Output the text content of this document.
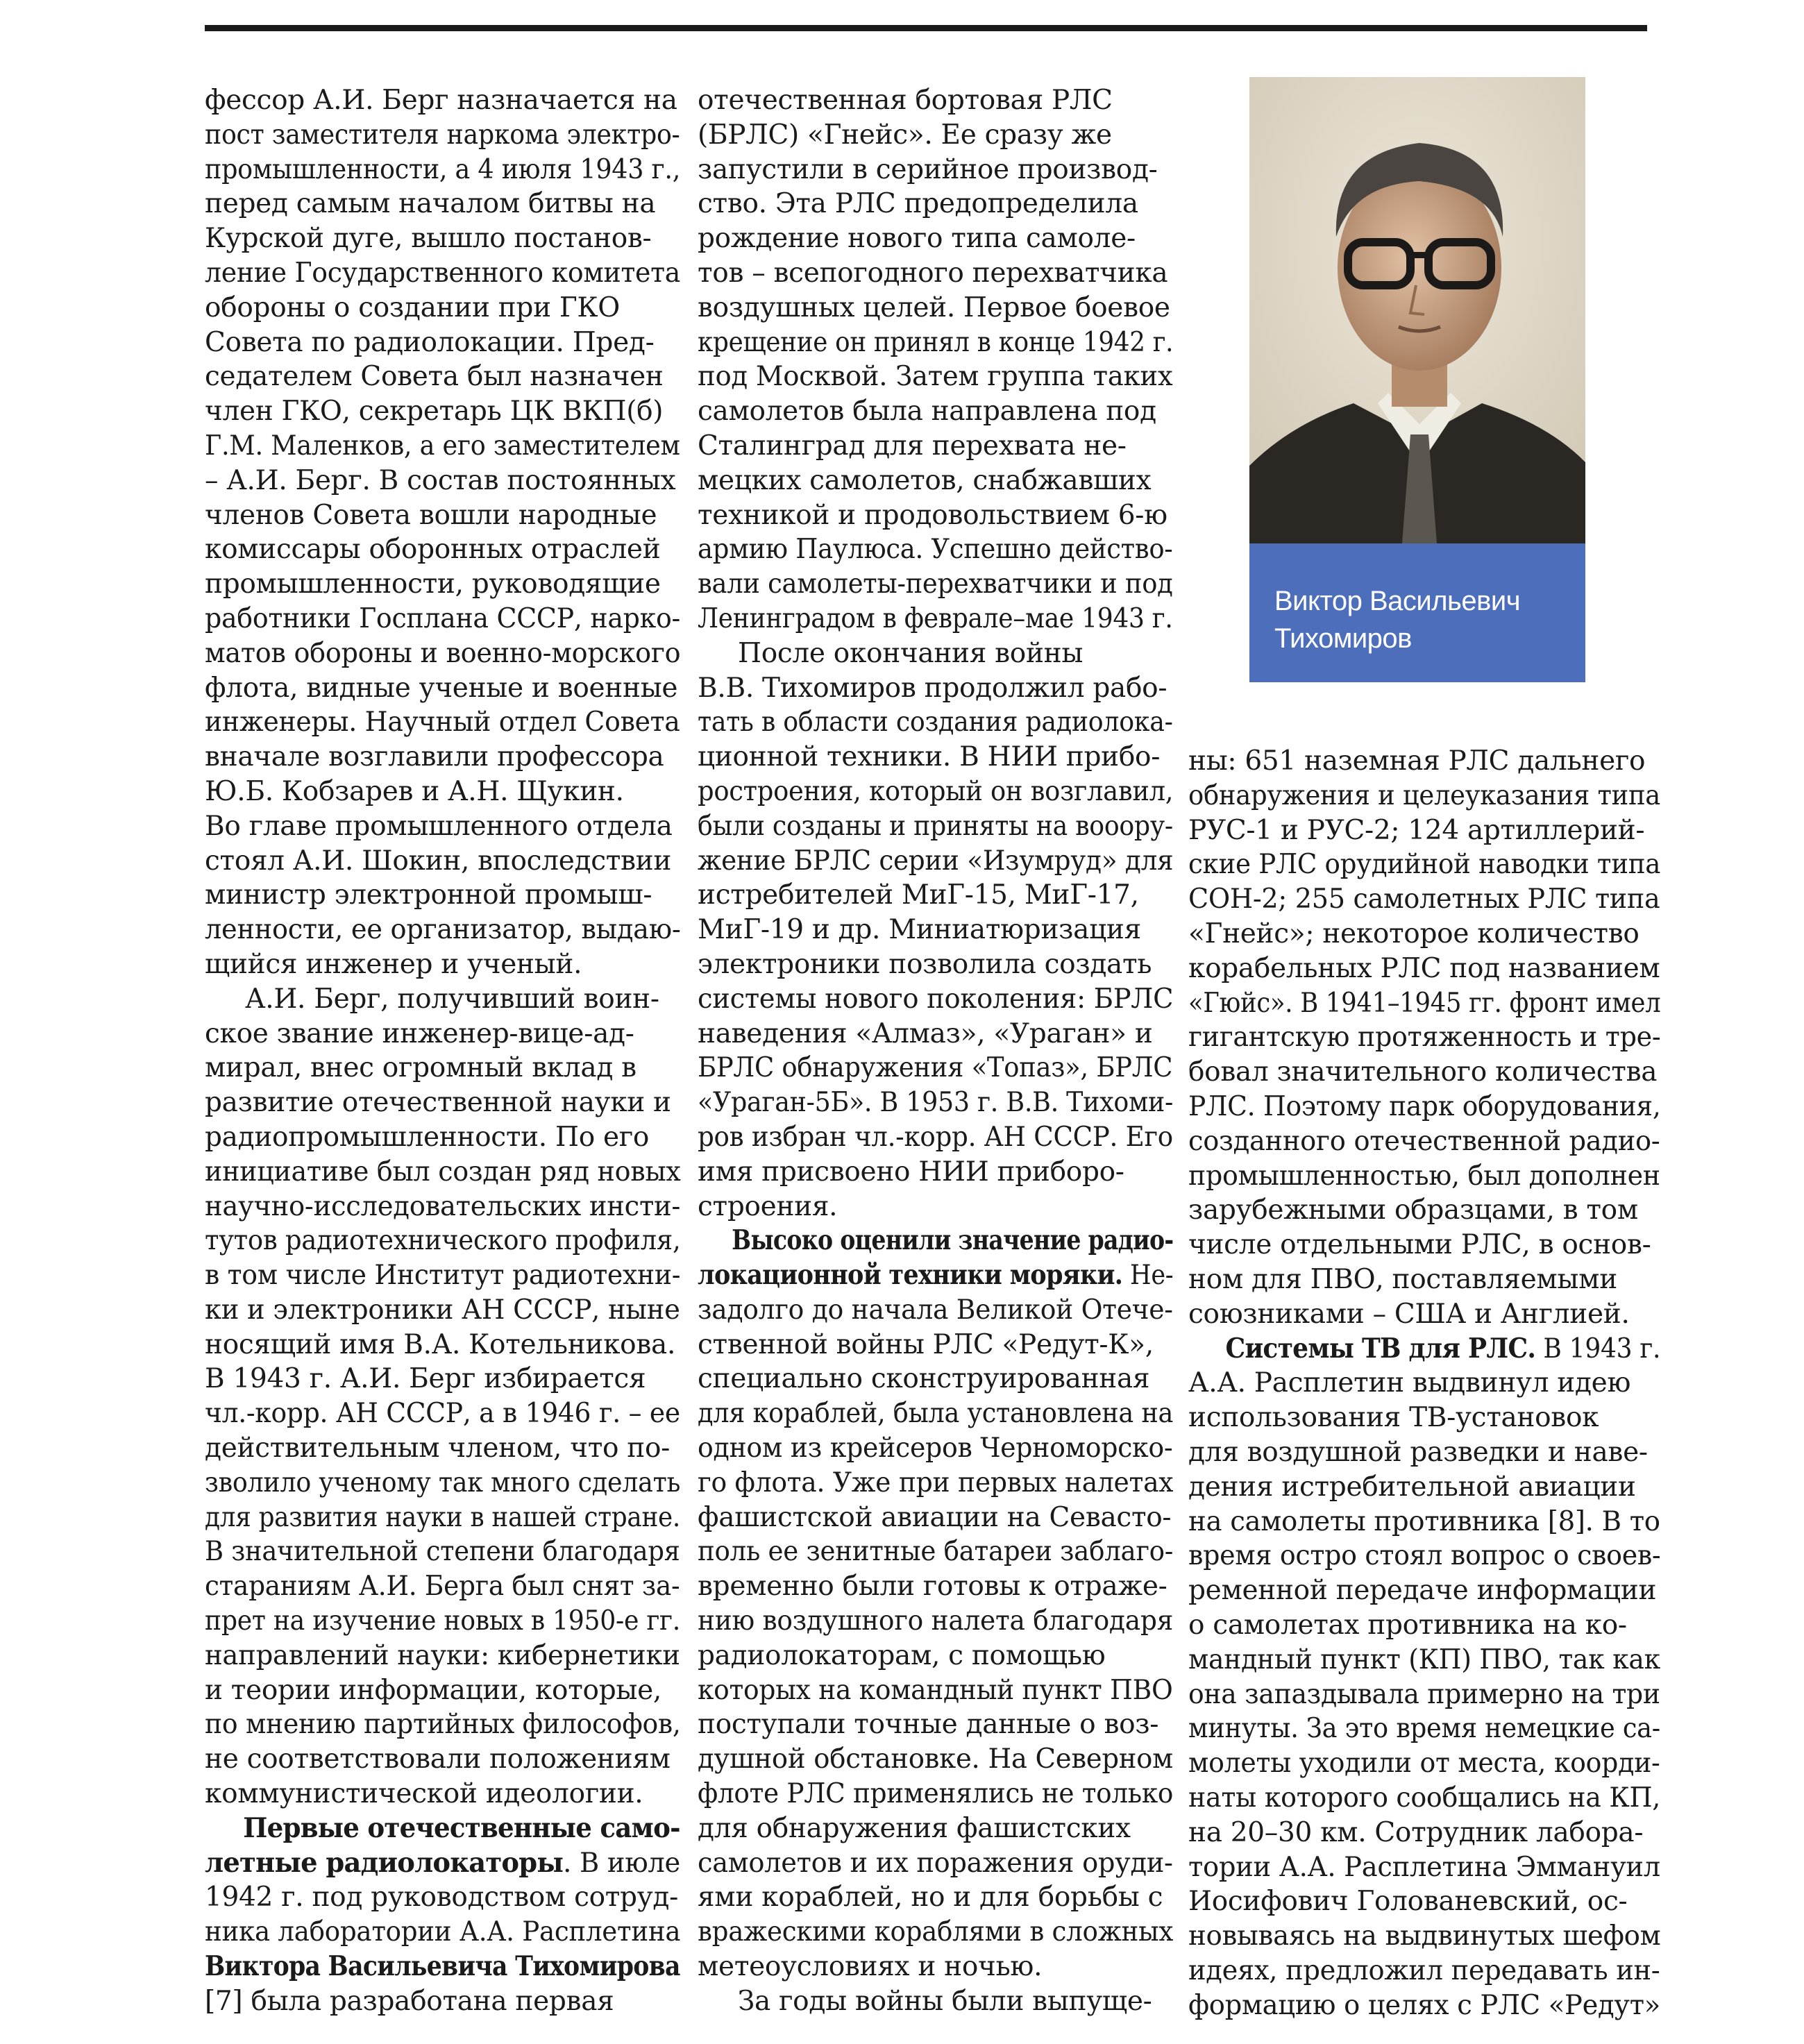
фессор А.И. Берг назначается на
пост заместителя наркома электро-
промышленности, а 4 июля 1943 г.,
перед самым началом битвы на
Курской дуге, вышло постанов-
ление Государственного комитета
обороны о создании при ГКО
Совета по радиолокации. Пред-
седателем Совета был назначен
член ГКО, секретарь ЦК ВКП(б)
Г.М. Маленков, а его заместителем
– А.И. Берг. В состав постоянных
членов Совета вошли народные
комиссары оборонных отраслей
промышленности, руководящие
работники Госплана СССР, нарко-
матов обороны и военно-морского
флота, видные ученые и военные
инженеры. Научный отдел Совета
вначале возглавили профессора
Ю.Б. Кобзарев и А.Н. Щукин.
Во главе промышленного отдела
стоял А.И. Шокин, впоследствии
министр электронной промыш-
ленности, ее организатор, выдаю-
щийся инженер и ученый.
А.И. Берг, получивший воин-
ское звание инженер-вице-ад-
мирал, внес огромный вклад в
развитие отечественной науки и
радиопромышленности. По его
инициативе был создан ряд новых
научно-исследовательских инсти-
тутов радиотехнического профиля,
в том числе Институт радиотехни-
ки и электроники АН СССР, ныне
носящий имя В.А. Котельникова.
В 1943 г. А.И. Берг избирается
чл.-корр. АН СССР, а в 1946 г. – ее
действительным членом, что по-
зволило ученому так много сделать
для развития науки в нашей стране.
В значительной степени благодаря
стараниям А.И. Берга был снят за-
прет на изучение новых в 1950-е гг.
направлений науки: кибернетики
и теории информации, которые,
по мнению партийных философов,
не соответствовали положениям
коммунистической идеологии.
Первые отечественные само-
летные радиолокаторы. В июле
1942 г. под руководством сотруд-
ника лаборатории А.А. Расплетина
Виктора Васильевича Тихомирова
[7] была разработана первая
отечественная бортовая РЛС
(БРЛС) «Гнейс». Ее сразу же
запустили в серийное производ-
ство. Эта РЛС предопределила
рождение нового типа самоле-
тов – всепогодного перехватчика
воздушных целей. Первое боевое
крещение он принял в конце 1942 г.
под Москвой. Затем группа таких
самолетов была направлена под
Сталинград для перехвата не-
мецких самолетов, снабжавших
техникой и продовольствием 6-ю
армию Паулюса. Успешно действо-
вали самолеты-перехватчики и под
Ленинградом в феврале–мае 1943 г.
После окончания войны
В.В. Тихомиров продолжил рабо-
тать в области создания радиолока-
ционной техники. В НИИ прибо-
ростроения, который он возглавил,
были созданы и приняты на вооору-
жение БРЛС серии «Изумруд» для
истребителей МиГ-15, МиГ-17,
МиГ-19 и др. Миниатюризация
электроники позволила создать
системы нового поколения: БРЛС
наведения «Алмаз», «Ураган» и
БРЛС обнаружения «Топаз», БРЛС
«Ураган-5Б». В 1953 г. В.В. Тихоми-
ров избран чл.-корр. АН СССР. Его
имя присвоено НИИ приборо-
строения.
Высоко оценили значение радио-
локационной техники моряки. Не-
задолго до начала Великой Отече-
ственной войны РЛС «Редут-К»,
специально сконструированная
для кораблей, была установлена на
одном из крейсеров Черноморско-
го флота. Уже при первых налетах
фашистской авиации на Севасто-
поль ее зенитные батареи заблаго-
временно были готовы к отраже-
нию воздушного налета благодаря
радиолокаторам, с помощью
которых на командный пункт ПВО
поступали точные данные о воз-
душной обстановке. На Северном
флоте РЛС применялись не только
для обнаружения фашистских
самолетов и их поражения оруди-
ями кораблей, но и для борьбы с
вражескими кораблями в сложных
метеоусловиях и ночью.
За годы войны были выпуще-
Виктор Васильевич
Тихомиров
ны: 651 наземная РЛС дальнего
обнаружения и целеуказания типа
РУС-1 и РУС-2; 124 артиллерий-
ские РЛС орудийной наводки типа
СОН-2; 255 самолетных РЛС типа
«Гнейс»; некоторое количество
корабельных РЛС под названием
«Гюйс». В 1941–1945 гг. фронт имел
гигантскую протяженность и тре-
бовал значительного количества
РЛС. Поэтому парк оборудования,
созданного отечественной радио-
промышленностью, был дополнен
зарубежными образцами, в том
числе отдельными РЛС, в основ-
ном для ПВО, поставляемыми
союзниками – США и Англией.
Системы ТВ для РЛС. В 1943 г.
А.А. Расплетин выдвинул идею
использования ТВ-установок
для воздушной разведки и наве-
дения истребительной авиации
на самолеты противника [8]. В то
время остро стоял вопрос о своев-
ременной передаче информации
о самолетах противника на ко-
мандный пункт (КП) ПВО, так как
она запаздывала примерно на три
минуты. За это время немецкие са-
молеты уходили от места, коорди-
наты которого сообщались на КП,
на 20–30 км. Сотрудник лабора-
тории А.А. Расплетина Эммануил
Иосифович Голованевский, ос-
новываясь на выдвинутых шефом
идеях, предложил передавать ин-
формацию о целях с РЛС «Редут»
